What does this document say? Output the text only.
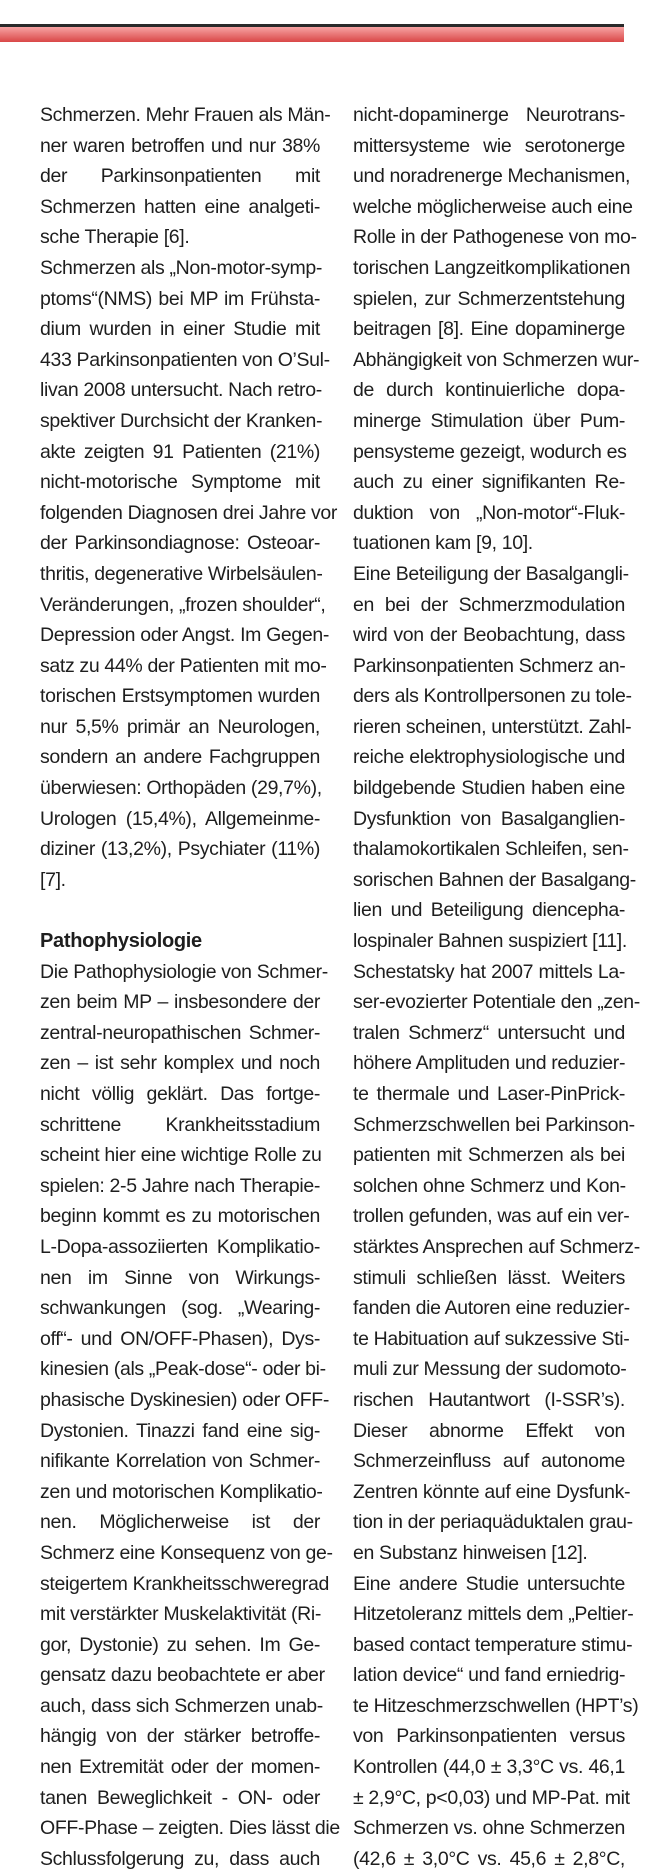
Schmerzen. Mehr Frauen als Män-
ner waren betroffen und nur 38%
der Parkinsonpatienten mit
Schmerzen hatten eine analgeti-
sche Therapie [6].
Schmerzen als „Non-motor-symp-
ptoms“(NMS) bei MP im Frühsta-
dium wurden in einer Studie mit
433 Parkinsonpatienten von O’Sul-
livan 2008 untersucht. Nach retro-
spektiver Durchsicht der Kranken-
akte zeigten 91 Patienten (21%)
nicht-motorische Symptome mit
folgenden Diagnosen drei Jahre vor
der Parkinsondiagnose: Osteoar-
thritis, degenerative Wirbelsäulen-
Veränderungen, „frozen shoulder“,
Depression oder Angst. Im Gegen-
satz zu 44% der Patienten mit mo-
torischen Erstsymptomen wurden
nur 5,5% primär an Neurologen,
sondern an andere Fachgruppen
überwiesen: Orthopäden (29,7%),
Urologen (15,4%), Allgemeinme-
diziner (13,2%), Psychiater (11%)
[7].
Pathophysiologie
Die Pathophysiologie von Schmer-
zen beim MP – insbesondere der
zentral-neuropathischen Schmer-
zen – ist sehr komplex und noch
nicht völlig geklärt. Das fortge-
schrittene Krankheitsstadium
scheint hier eine wichtige Rolle zu
spielen: 2-5 Jahre nach Therapie-
beginn kommt es zu motorischen
L-Dopa-assoziierten Komplikatio-
nen im Sinne von Wirkungs-
schwankungen (sog. „Wearing-
off“- und ON/OFF-Phasen), Dys-
kinesien (als „Peak-dose“- oder bi-
phasische Dyskinesien) oder OFF-
Dystonien. Tinazzi fand eine sig-
nifikante Korrelation von Schmer-
zen und motorischen Komplikatio-
nen. Möglicherweise ist der
Schmerz eine Konsequenz von ge-
steigertem Krankheitsschweregrad
mit verstärkter Muskelaktivität (Ri-
gor, Dystonie) zu sehen. Im Ge-
gensatz dazu beobachtete er aber
auch, dass sich Schmerzen unab-
hängig von der stärker betroffe-
nen Extremität oder der momen-
tanen Beweglichkeit - ON- oder
OFF-Phase – zeigten. Dies lässt die
Schlussfolgerung zu, dass auch
nicht-dopaminerge Neurotrans-
mittersysteme wie serotonerge
und noradrenerge Mechanismen,
welche möglicherweise auch eine
Rolle in der Pathogenese von mo-
torischen Langzeitkomplikationen
spielen, zur Schmerzentstehung
beitragen [8]. Eine dopaminerge
Abhängigkeit von Schmerzen wur-
de durch kontinuierliche dopa-
minerge Stimulation über Pum-
pensysteme gezeigt, wodurch es
auch zu einer signifikanten Re-
duktion von „Non-motor“-Fluk-
tuationen kam [9, 10].
Eine Beteiligung der Basalgangli-
en bei der Schmerzmodulation
wird von der Beobachtung, dass
Parkinsonpatienten Schmerz an-
ders als Kontrollpersonen zu tole-
rieren scheinen, unterstützt. Zahl-
reiche elektrophysiologische und
bildgebende Studien haben eine
Dysfunktion von Basalganglien-
thalamokortikalen Schleifen, sen-
sorischen Bahnen der Basalgang-
lien und Beteiligung diencepha-
lospinaler Bahnen suspiziert [11].
Schestatsky hat 2007 mittels La-
ser-evozierter Potentiale den „zen-
tralen Schmerz“ untersucht und
höhere Amplituden und reduzier-
te thermale und Laser-PinPrick-
Schmerzschwellen bei Parkinson-
patienten mit Schmerzen als bei
solchen ohne Schmerz und Kon-
trollen gefunden, was auf ein ver-
stärktes Ansprechen auf Schmerz-
stimuli schließen lässt. Weiters
fanden die Autoren eine reduzier-
te Habituation auf sukzessive Sti-
muli zur Messung der sudomoto-
rischen Hautantwort (I-SSR’s).
Dieser abnorme Effekt von
Schmerzeinfluss auf autonome
Zentren könnte auf eine Dysfunk-
tion in der periaquäduktalen grau-
en Substanz hinweisen [12].
Eine andere Studie untersuchte
Hitzetoleranz mittels dem „Peltier-
based contact temperature stimu-
lation device“ und fand erniedrig-
te Hitzeschmerzschwellen (HPT’s)
von Parkinsonpatienten versus
Kontrollen (44,0 ± 3,3°C vs. 46,1
± 2,9°C, p<0,03) und MP-Pat. mit
Schmerzen vs. ohne Schmerzen
(42,6 ± 3,0°C vs. 45,6 ± 2,8°C,
